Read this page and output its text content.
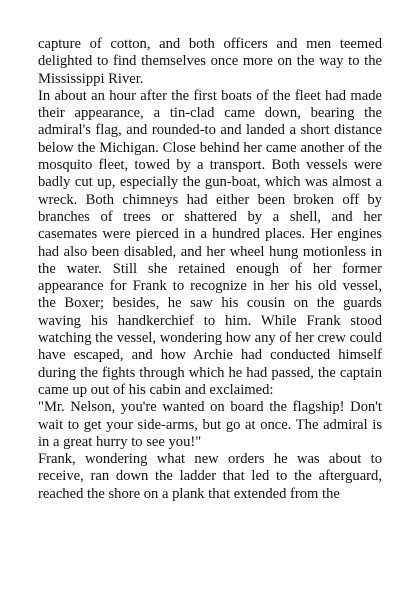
capture of cotton, and both officers and men teemed delighted to find themselves once more on the way to the Mississippi River.

In about an hour after the first boats of the fleet had made their appearance, a tin-clad came down, bearing the admiral's flag, and rounded-to and landed a short distance below the Michigan. Close behind her came another of the mosquito fleet, towed by a transport. Both vessels were badly cut up, especially the gun-boat, which was almost a wreck. Both chimneys had either been broken off by branches of trees or shattered by a shell, and her casemates were pierced in a hundred places. Her engines had also been disabled, and her wheel hung motionless in the water. Still she retained enough of her former appearance for Frank to recognize in her his old vessel, the Boxer; besides, he saw his cousin on the guards waving his handkerchief to him. While Frank stood watching the vessel, wondering how any of her crew could have escaped, and how Archie had conducted himself during the fights through which he had passed, the captain came up out of his cabin and exclaimed:

"Mr. Nelson, you're wanted on board the flagship! Don't wait to get your side-arms, but go at once. The admiral is in a great hurry to see you!"

Frank, wondering what new orders he was about to receive, ran down the ladder that led to the afterguard, reached the shore on a plank that extended from the
